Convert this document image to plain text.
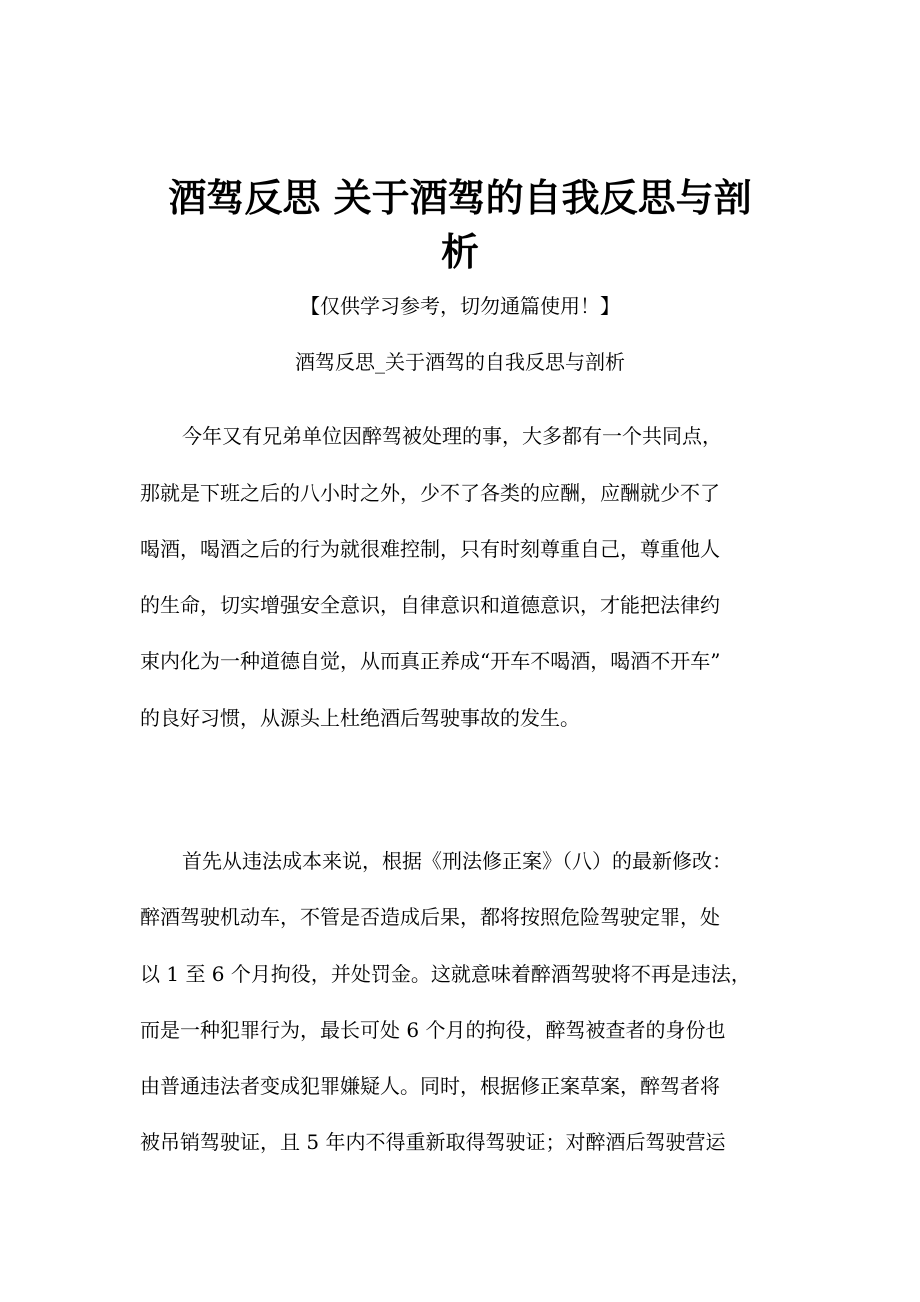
酒驾反思 关于酒驾的自我反思与剖
析
【仅供学习参考，切勿通篇使用！】
酒驾反思_关于酒驾的自我反思与剖析
今年又有兄弟单位因醉驾被处理的事，大多都有一个共同点，
那就是下班之后的八小时之外，少不了各类的应酬，应酬就少不了
喝酒，喝酒之后的行为就很难控制，只有时刻尊重自己，尊重他人
的生命，切实增强安全意识，自律意识和道德意识，才能把法律约
束内化为一种道德自觉，从而真正养成“开车不喝酒，喝酒不开车”
的良好习惯，从源头上杜绝酒后驾驶事故的发生。
首先从违法成本来说，根据《刑法修正案》（八）的最新修改：
醉酒驾驶机动车，不管是否造成后果，都将按照危险驾驶定罪，处
以 1 至 6 个月拘役，并处罚金。这就意味着醉酒驾驶将不再是违法，
而是一种犯罪行为，最长可处 6 个月的拘役，醉驾被查者的身份也
由普通违法者变成犯罪嫌疑人。同时，根据修正案草案，醉驾者将
被吊销驾驶证，且 5 年内不得重新取得驾驶证；对醉酒后驾驶营运
